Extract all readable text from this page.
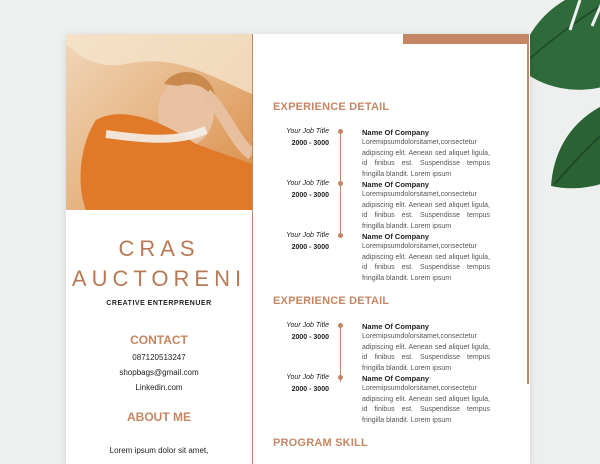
CRAS
AUCTORENI
CREATIVE ENTERPRENUER
CONTACT
087120513247
shopbags@gmail.com
Linkedin.com
ABOUT ME
Lorem ipsum dolor sit amet,
EXPERIENCE DETAIL
Your Job Title
2000 - 3000
Name Of Company
Loremipsumdolorsitamet,consectetur adipiscing elit. Aenean sed aliquet ligula, id finibus est. Suspendisse tempus fringilla blandit. Lorem ipsum
Your Job Title
2000 - 3000
Name Of Company
Loremipsumdolorsitamet,consectetur adipiscing elit. Aenean sed aliquet ligula, id finibus est. Suspendisse tempus fringilla blandit. Lorem ipsum
Your Job Title
2000 - 3000
Name Of Company
Loremipsumdolorsitamet,consectetur adipiscing elit. Aenean sed aliquet ligula, id finibus est. Suspendisse tempus fringilla blandit. Lorem ipsum
EXPERIENCE DETAIL
Your Job Title
2000 - 3000
Name Of Company
Loremipsumdolorsitamet,consectetur adipiscing elit. Aenean sed aliquet ligula, id finibus est. Suspendisse tempus fringilla blandit. Lorem ipsum
Your Job Title
2000 - 3000
Name Of Company
Loremipsumdolorsitamet,consectetur adipiscing elit. Aenean sed aliquet ligula, id finibus est. Suspendisse tempus fringilla blandit. Lorem ipsum
PROGRAM SKILL
